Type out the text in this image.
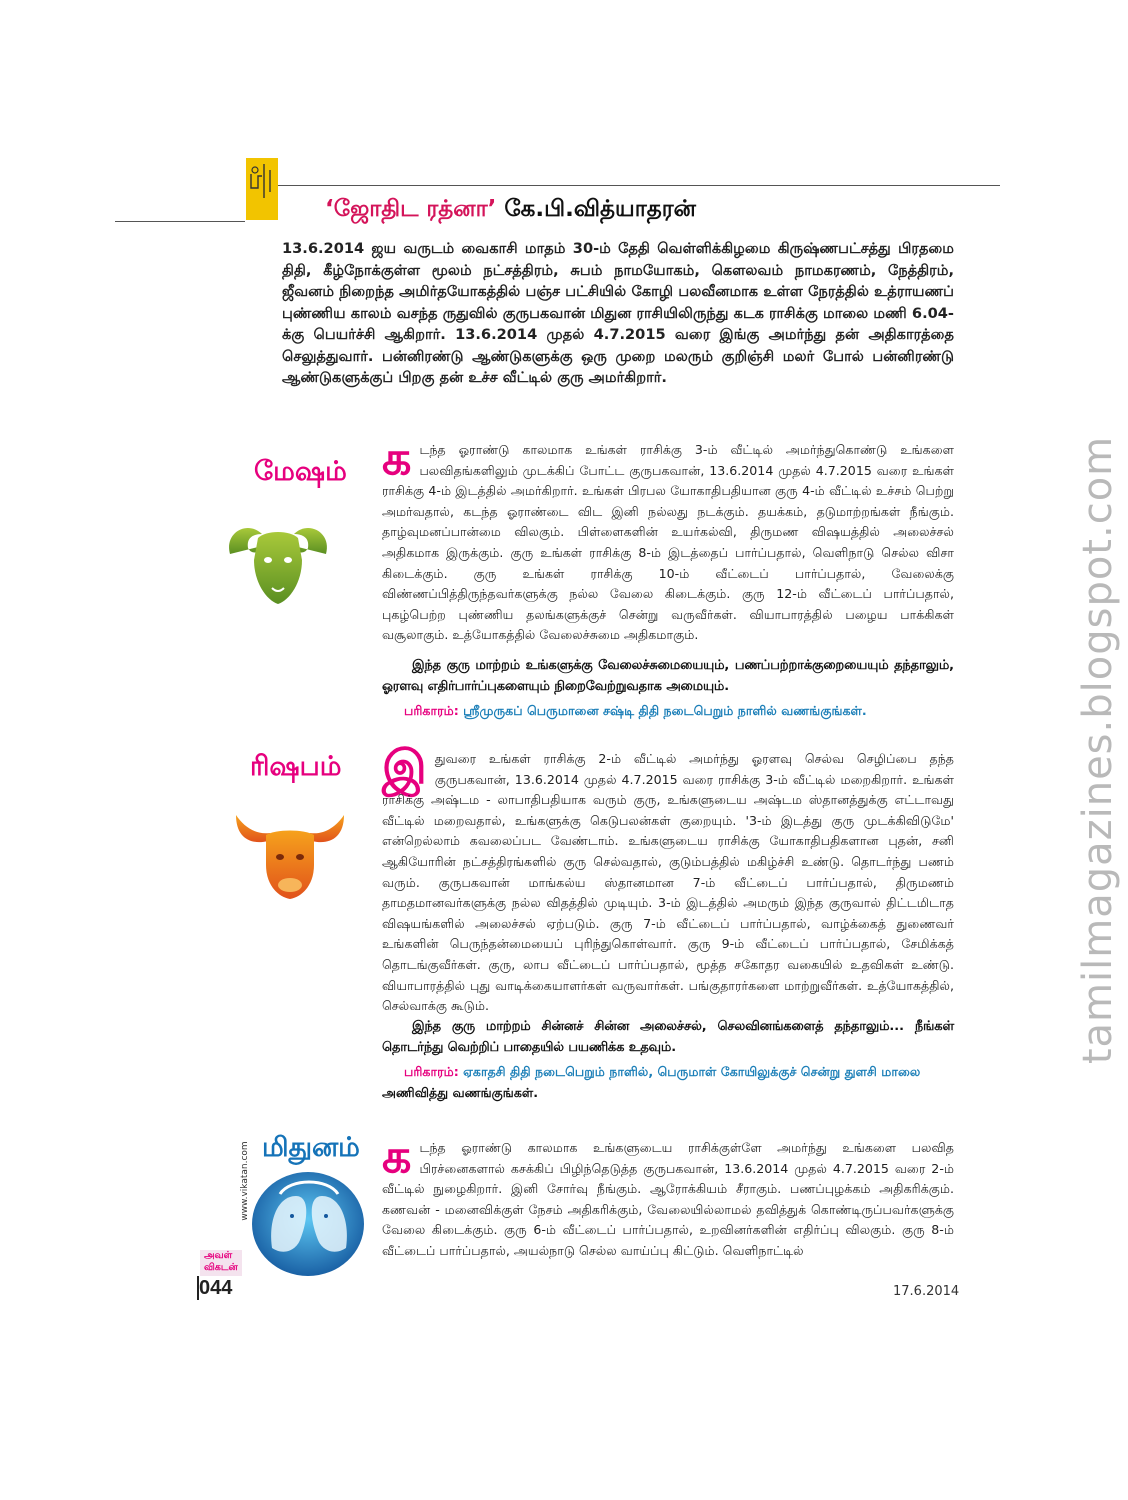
‘ஜோதிட ரத்னா’ கே.பி.வித்யாதரன்
13.6.2014 ஜய வருடம் வைகாசி மாதம் 30-ம் தேதி வெள்ளிக்கிழமை கிருஷ்ணபட்சத்து பிரதமை திதி, கீழ்நோக்குள்ள மூலம் நட்சத்திரம், சுபம் நாமயோகம், கௌலவம் நாமகரணம், நேத்திரம், ஜீவனம் நிறைந்த அமிர்தயோகத்தில் பஞ்ச பட்சியில் கோழி பலவீனமாக உள்ள நேரத்தில் உத்ராயணப் புண்ணிய காலம் வசந்த ருதுவில் குருபகவான் மிதுன ராசியிலிருந்து கடக ராசிக்கு மாலை மணி 6.04-க்கு பெயர்ச்சி ஆகிறார். 13.6.2014 முதல் 4.7.2015 வரை இங்கு அமர்ந்து தன் அதிகாரத்தை செலுத்துவார். பன்னிரண்டு ஆண்டுகளுக்கு ஒரு முறை மலரும் குறிஞ்சி மலர் போல் பன்னிரண்டு ஆண்டுகளுக்குப் பிறகு தன் உச்ச வீட்டில் குரு அமர்கிறார்.
மேஷம் கடந்த ஓராண்டு காலமாக உங்கள் ராசிக்கு 3-ம் வீட்டில் அமர்ந்துகொண்டு உங்களை பலவிதங்களிலும் முடக்கிப் போட்ட குருபகவான், 13.6.2014 முதல் 4.7.2015 வரை உங்கள் ராசிக்கு 4-ம் இடத்தில் அமர்கிறார். உங்கள் பிரபல யோகாதிபதியான குரு 4-ம் வீட்டில் உச்சம் பெற்று அமர்வதால், கடந்த ஓராண்டை விட இனி நல்லது நடக்கும். தயக்கம், தடுமாற்றங்கள் நீங்கும். தாழ்வுமனப்பான்மை விலகும். பிள்ளைகளின் உயர்கல்வி, திருமண விஷயத்தில் அலைச்சல் அதிகமாக இருக்கும். குரு உங்கள் ராசிக்கு 8-ம் இடத்தைப் பார்ப்பதால், வெளிநாடு செல்ல விசா கிடைக்கும். குரு உங்கள் ராசிக்கு 10-ம் வீட்டைப் பார்ப்பதால், வேலைக்கு விண்ணப்பித்திருந்தவர்களுக்கு நல்ல வேலை கிடைக்கும். குரு 12-ம் வீட்டைப் பார்ப்பதால், புகழ்பெற்ற புண்ணிய தலங்களுக்குச் சென்று வருவீர்கள். வியாபாரத்தில் பழைய பாக்கிகள் வசூலாகும். உத்யோகத்தில் வேலைச்சுமை அதிகமாகும்.
இந்த குரு மாற்றம் உங்களுக்கு வேலைச்சுமையையும், பணப்பற்றாக்குறையையும் தந்தாலும், ஓரளவு எதிர்பார்ப்புகளையும் நிறைவேற்றுவதாக அமையும்.
பரிகாரம்: ஸ்ரீமுருகப் பெருமானை சஷ்டி திதி நடைபெறும் நாளில் வணங்குங்கள்.
ரிஷபம் இதுவரை உங்கள் ராசிக்கு 2-ம் வீட்டில் அமர்ந்து ஓரளவு செல்வ செழிப்பை தந்த குருபகவான், 13.6.2014 முதல் 4.7.2015 வரை ராசிக்கு 3-ம் வீட்டில் மறைகிறார். உங்கள் ராசிக்கு அஷ்டம - லாபாதிபதியாக வரும் குரு, உங்களுடைய அஷ்டம ஸ்தானத்துக்கு எட்டாவது வீட்டில் மறைவதால், உங்களுக்கு கெடுபலன்கள் குறையும். '3-ம் இடத்து குரு முடக்கிவிடுமே' என்றெல்லாம் கவலைப்பட வேண்டாம். உங்களுடைய ராசிக்கு யோகாதிபதிகளான புதன், சனி ஆகியோரின் நட்சத்திரங்களில் குரு செல்வதால், குடும்பத்தில் மகிழ்ச்சி உண்டு. தொடர்ந்து பணம் வரும். குருபகவான் மாங்கல்ய ஸ்தானமான 7-ம் வீட்டைப் பார்ப்பதால், திருமணம் தாமதமானவர்களுக்கு நல்ல விதத்தில் முடியும். 3-ம் இடத்தில் அமரும் இந்த குருவால் திட்டமிடாத விஷயங்களில் அலைச்சல் ஏற்படும். குரு 7-ம் வீட்டைப் பார்ப்பதால், வாழ்க்கைத் துணைவர் உங்களின் பெருந்தன்மையைப் புரிந்துகொள்வார். குரு 9-ம் வீட்டைப் பார்ப்பதால், சேமிக்கத் தொடங்குவீர்கள். குரு, லாப வீட்டைப் பார்ப்பதால், மூத்த சகோதர வகையில் உதவிகள் உண்டு. வியாபாரத்தில் புது வாடிக்கையாளர்கள் வருவார்கள். பங்குதாரர்களை மாற்றுவீர்கள். உத்யோகத்தில், செல்வாக்கு கூடும்.
இந்த குரு மாற்றம் சின்னச் சின்ன அலைச்சல், செலவினங்களைத் தந்தாலும்... நீங்கள் தொடர்ந்து வெற்றிப் பாதையில் பயணிக்க உதவும்.
பரிகாரம்: ஏகாதசி திதி நடைபெறும் நாளில், பெருமாள் கோயிலுக்குச் சென்று துளசி மாலை
அணிவித்து வணங்குங்கள்.
மிதுனம் கடந்த ஓராண்டு காலமாக உங்களுடைய ராசிக்குள்ளே அமர்ந்து உங்களை பலவித பிரச்னைகளால் கசக்கிப் பிழிந்தெடுத்த குருபகவான், 13.6.2014 முதல் 4.7.2015 வரை 2-ம் வீட்டில் நுழைகிறார். இனி சோர்வு நீங்கும். ஆரோக்கியம் சீராகும். பணப்புழக்கம் அதிகரிக்கும். கணவன் - மனைவிக்குள் நேசம் அதிகரிக்கும், வேலையில்லாமல் தவித்துக் கொண்டிருப்பவர்களுக்கு வேலை கிடைக்கும். குரு 6-ம் வீட்டைப் பார்ப்பதால், உறவினர்களின் எதிர்ப்பு விலகும். குரு 8-ம் வீட்டைப் பார்ப்பதால், அயல்நாடு செல்ல வாய்ப்பு கிட்டும். வெளிநாட்டில்
tamilmagazines.blogspot.com
www.vikatan.com
அவள்
விகடன்
044	17.6.2014
